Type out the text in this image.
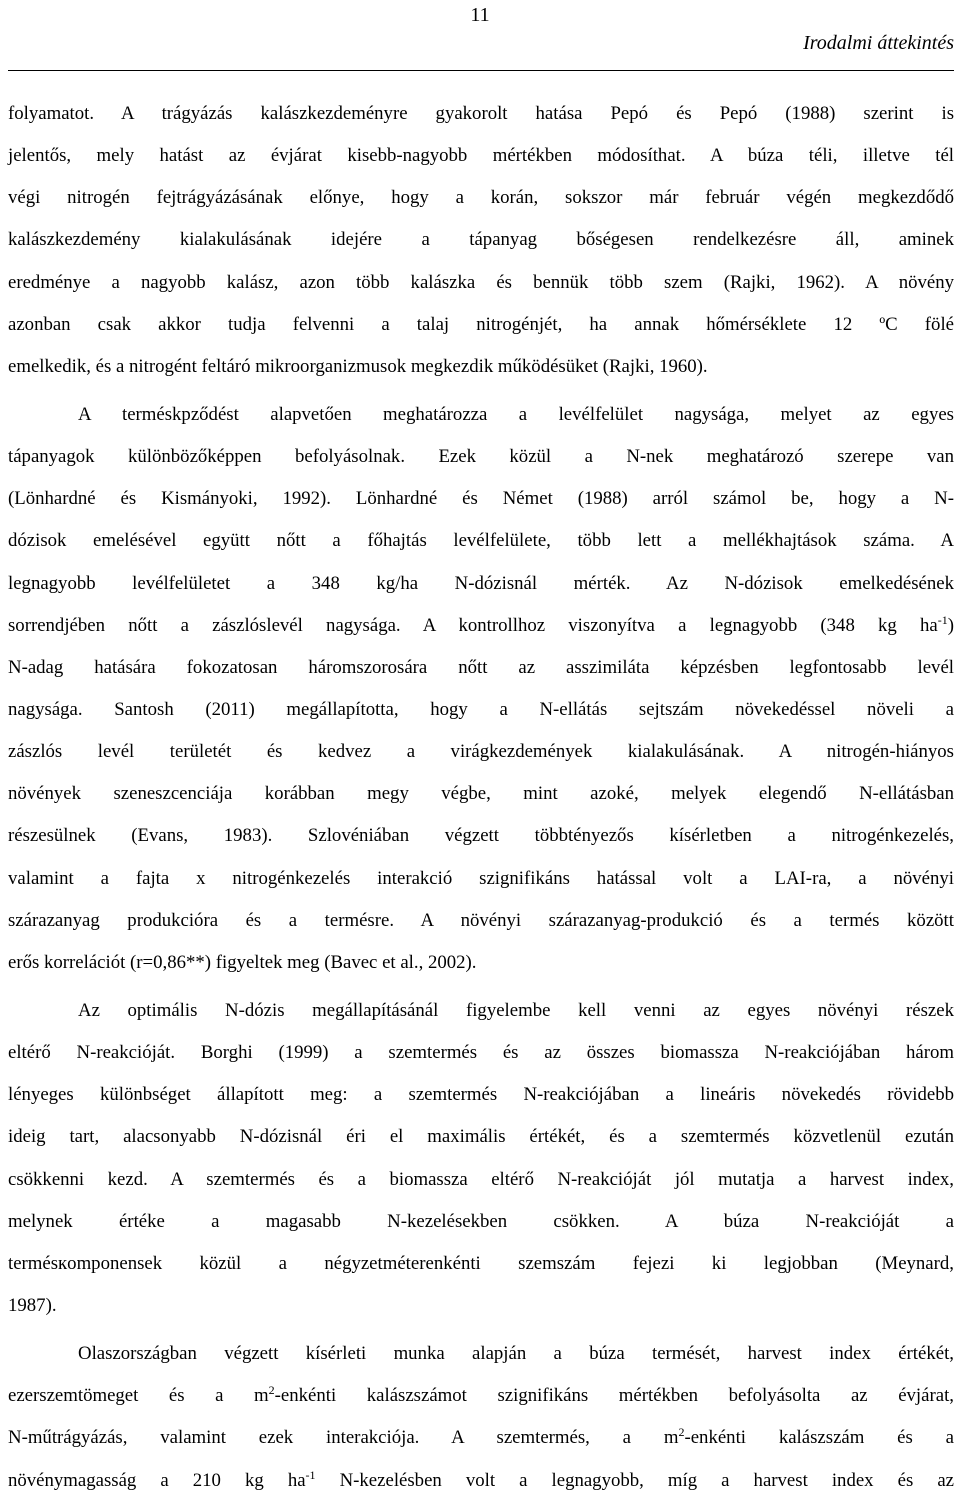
11
Irodalmi áttekintés
folyamatot. A trágyázás kalászkezdeményre gyakorolt hatása Pepó és Pepó (1988) szerint is
jelentős, mely hatást az évjárat kisebb-nagyobb mértékben módosíthat. A búza téli, illetve tél
végi nitrogén fejtrágyázásának előnye, hogy a korán, sokszor már február végén megkezdődő
kalászkezdemény kialakulásának idejére a tápanyag bőségesen rendelkezésre áll, aminek
eredménye a nagyobb kalász, azon több kalászka és bennük több szem (Rajki, 1962). A növény
azonban csak akkor tudja felvenni a talaj nitrogénjét, ha annak hőmérséklete 12 ºC fölé
emelkedik, és a nitrogént feltáró mikroorganizmusok megkezdik működésüket (Rajki, 1960).
A terméskpződést alapvetően meghatározza a levélfelület nagysága, melyet az egyes
tápanyagok különbözőképpen befolyásolnak. Ezek közül a N-nek meghatározó szerepe van
(Lönhardné és Kismányoki, 1992). Lönhardné és Német (1988) arról számol be, hogy a N-
dózisok emelésével együtt nőtt a főhajtás levélfelülete, több lett a mellékhajtások száma. A
legnagyobb levélfelületet a 348 kg/ha N-dózisnál mérték. Az N-dózisok emelkedésének
sorrendjében nőtt a zászlóslevél nagysága. A kontrollhoz viszonyítva a legnagyobb (348 kg $ha^{-1}$)
N-adag hatására fokozatosan háromszorosára nőtt az asszimiláta képzésben legfontosabb levél
nagysága. Santosh (2011) megállapította, hogy a N-ellátás sejtszám növekedéssel növeli a
zászlós levél területét és kedvez a virágkezdemények kialakulásának. A nitrogén-hiányos
növények szeneszcenciája korábban megy végbe, mint azoké, melyek elegendő N-ellátásban
részesülnek (Evans, 1983). Szlovéniában végzett többtényezős kísérletben a nitrogénkezelés,
valamint a fajta x nitrogénkezelés interakció szignifikáns hatással volt a LAI-ra, a növényi
szárazanyag produkcióra és a termésre. A növényi szárazanyag-produkció és a termés között
erős korrelációt (r=0,86**) figyeltek meg (Bavec et al., 2002).
Az optimális N-dózis megállapításánál figyelembe kell venni az egyes növényi részek
eltérő N-reakcióját. Borghi (1999) a szemtermés és az összes biomassza N-reakciójában három
lényeges különbséget állapított meg: a szemtermés N-reakciójában a lineáris növekedés rövidebb
ideig tart, alacsonyabb N-dózisnál éri el maximális értékét, és a szemtermés közvetlenül ezután
csökkenni kezd. A szemtermés és a biomassza eltérő N-reakcióját jól mutatja a harvest index,
melynek értéke a magasabb N-kezelésekben csökken. A búza N-reakcióját a
termésкomponensek közül a négyzetméterenkénti szemszám fejezi ki legjobban (Meynard,
1987).
Olaszországban végzett kísérleti munka alapján a búza termését, harvest index értékét,
ezerszemtömeget és a $m^2$-enkénti kalászszámot szignifikáns mértékben befolyásolta az évjárat,
N-műtrágyázás, valamint ezek interakciója. A szemtermés, a $m^2$-enkénti kalászszám és a
növénymagasság a 210 kg $ha^{-1}$ N-kezelésben volt a legnagyobb, míg a harvest index és az
